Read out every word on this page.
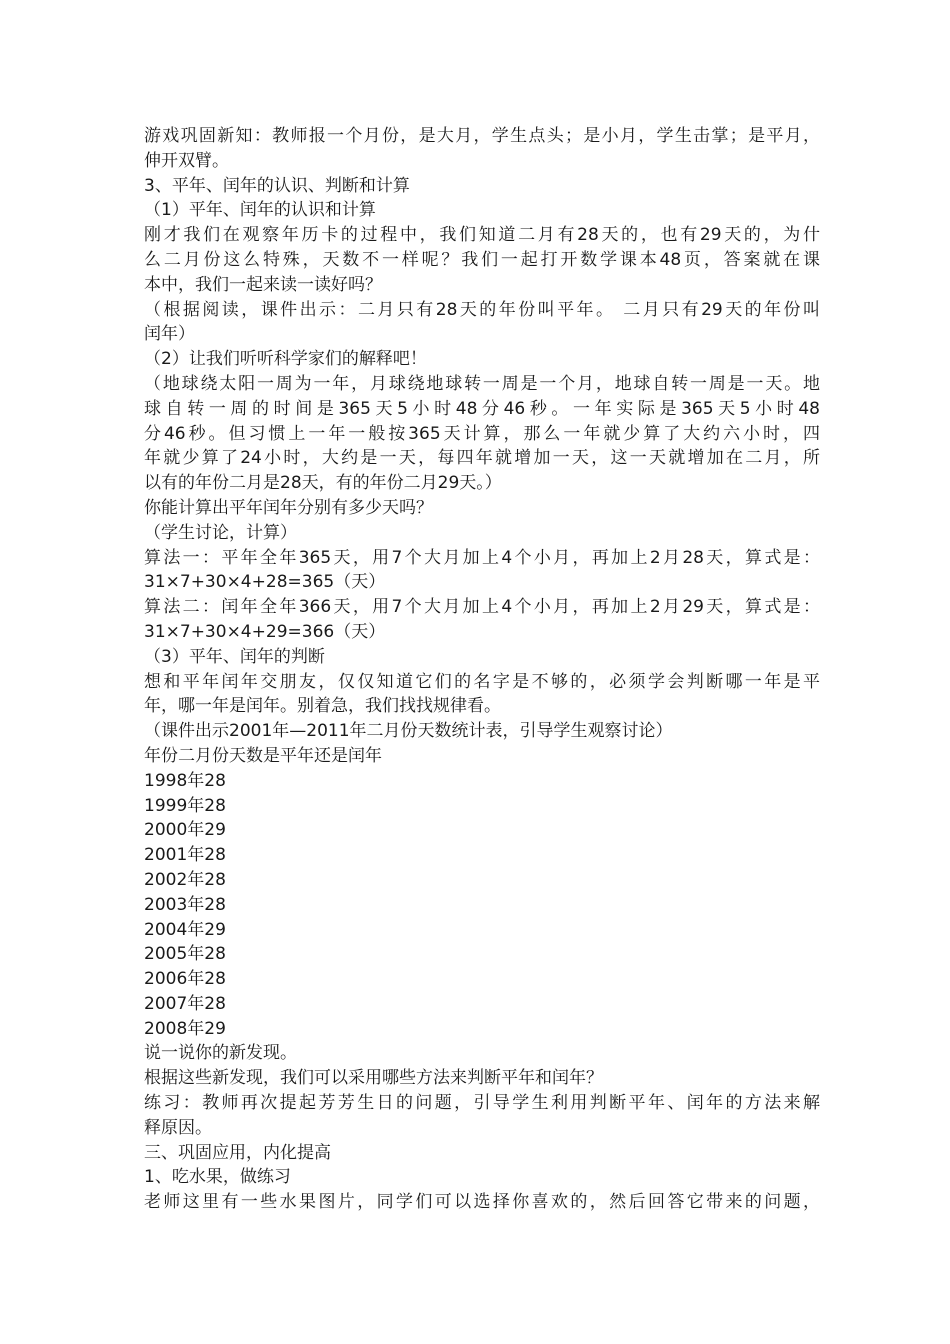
游戏巩固新知：教师报一个月份，是大月，学生点头；是小月，学生击掌；是平月，
伸开双臂。
3、平年、闰年的认识、判断和计算
（1）平年、闰年的认识和计算
刚才我们在观察年历卡的过程中，我们知道二月有28天的，也有29天的，为什
么二月份这么特殊，天数不一样呢？我们一起打开数学课本48页，答案就在课
本中，我们一起来读一读好吗？
（根据阅读，课件出示：二月只有28天的年份叫平年。 二月只有29天的年份叫
闰年）
（2）让我们听听科学家们的解释吧！
（地球绕太阳一周为一年，月球绕地球转一周是一个月，地球自转一周是一天。地
球自转一周的时间是365天5小时48分46秒。一年实际是365天5小时48
分46秒。但习惯上一年一般按365天计算，那么一年就少算了大约六小时，四
年就少算了24小时，大约是一天，每四年就增加一天，这一天就增加在二月，所
以有的年份二月是28天，有的年份二月29天。）
你能计算出平年闰年分别有多少天吗？
（学生讨论，计算）
算法一：平年全年365天，用7个大月加上4个小月，再加上2月28天，算式是：
31×7+30×4+28=365（天）
算法二：闰年全年366天，用7个大月加上4个小月，再加上2月29天，算式是：
31×7+30×4+29=366（天）
（3）平年、闰年的判断
想和平年闰年交朋友，仅仅知道它们的名字是不够的，必须学会判断哪一年是平
年，哪一年是闰年。别着急，我们找找规律看。
（课件出示2001年—2011年二月份天数统计表，引导学生观察讨论）
年份二月份天数是平年还是闰年
1998年28
1999年28
2000年29
2001年28
2002年28
2003年28
2004年29
2005年28
2006年28
2007年28
2008年29
说一说你的新发现。
根据这些新发现，我们可以采用哪些方法来判断平年和闰年？
练习：教师再次提起芳芳生日的问题，引导学生利用判断平年、闰年的方法来解
释原因。
三、巩固应用，内化提高
1、吃水果，做练习
老师这里有一些水果图片，同学们可以选择你喜欢的，然后回答它带来的问题，
